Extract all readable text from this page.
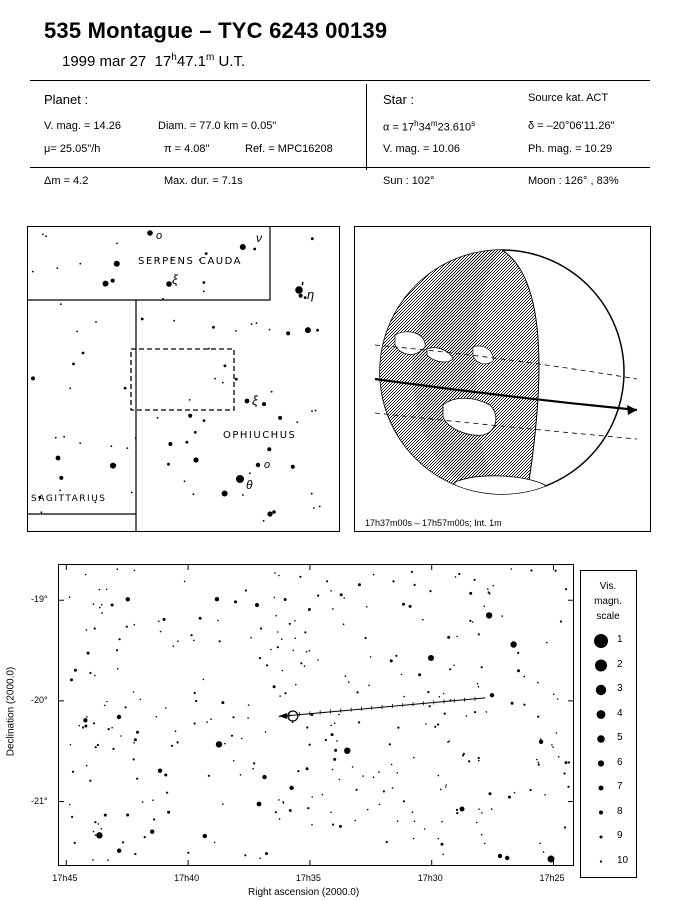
535 Montague – TYC 6243 00139
1999 mar 27 17$^h$47.1$^m$ U.T.
Planet :
V. mag. = 14.26	Diam. = 77.0 km = 0.05"
μ= 25.05"/h	π = 4.08"	Ref. = MPC16208
Star :	Source kat. ACT
$\alpha = 17^h34^m23.610^s$	δ = –20°06'11.26"
V. mag. = 10.06	Ph. mag. = 10.29
Δm = 4.2	Max. dur. = 7.1s	Sun : 102°	Moon : 126° , 83%
SERPENS CAUDA
OPHIUCHUS
SAGITTARIUS
o	ν
ξ
η
ξ
o
θ
17h37m00s – 17h57m00s; Int. 1m
17h45	17h40	17h35	17h30	17h25
-19°
-20°
-21°
Right ascension (2000.0)
Declination (2000.0)
Vis.
magn.
scale
1
2
3
4
5
6
7
8
9
10
